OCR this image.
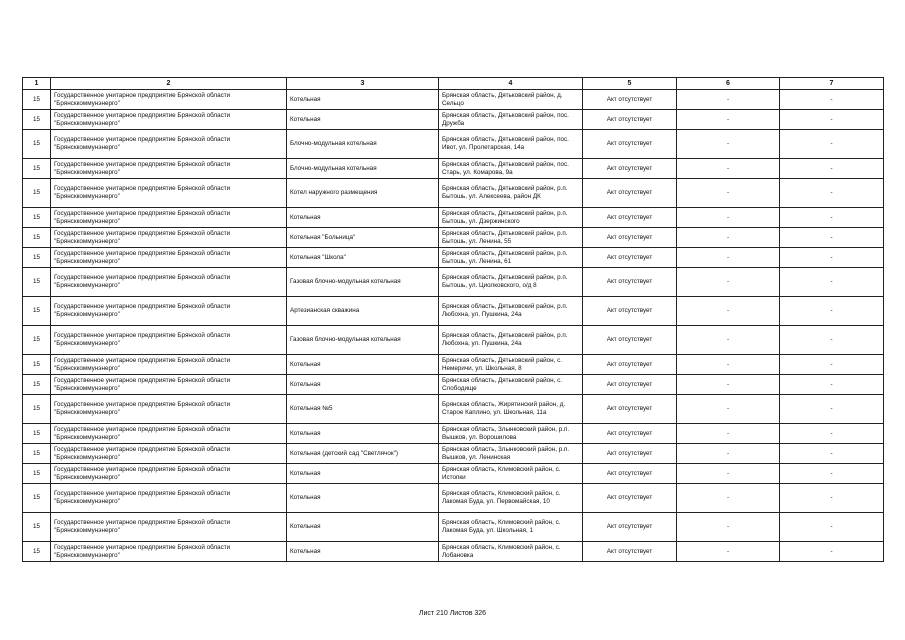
1	2	3	4	5	6	7
15	Государственное унитарное предприятие Брянской области "Брянсккоммунэнерго"	Котельная	Брянская область, Дятьковский район, д. Сельцо	Акт отсутствует	-	-
15	Государственное унитарное предприятие Брянской области "Брянсккоммунэнерго"	Котельная	Брянская область, Дятьковский район, пос. Дружба	Акт отсутствует	-	-
15	Государственное унитарное предприятие Брянской области "Брянсккоммунэнерго"	Блочно-модульная котельная	Брянская область, Дятьковский район, пос. Ивот, ул. Пролетарская, 14а	Акт отсутствует	-	-
15	Государственное унитарное предприятие Брянской области "Брянсккоммунэнерго"	Блочно-модульная котельная	Брянская область, Дятьковский район, пос. Старь, ул. Комарова, 9а	Акт отсутствует	-	-
15	Государственное унитарное предприятие Брянской области "Брянсккоммунэнерго"	Котел наружного размещения	Брянская область, Дятьковский район, р.п. Бытошь, ул. Алексеева, район ДК	Акт отсутствует	-	-
15	Государственное унитарное предприятие Брянской области "Брянсккоммунэнерго"	Котельная	Брянская область, Дятьковский район, р.п. Бытошь, ул. Дзержинского	Акт отсутствует	-	-
15	Государственное унитарное предприятие Брянской области "Брянсккоммунэнерго"	Котельная "Больница"	Брянская область, Дятьковский район, р.п. Бытошь, ул. Ленина, 55	Акт отсутствует	-	-
15	Государственное унитарное предприятие Брянской области "Брянсккоммунэнерго"	Котельная "Школа"	Брянская область, Дятьковский район, р.п. Бытошь, ул. Ленина, 61	Акт отсутствует	-	-
15	Государственное унитарное предприятие Брянской области "Брянсккоммунэнерго"	Газовая блочно-модульная котельная	Брянская область, Дятьковский район, р.п. Бытошь, ул. Циолковского, о/д 8	Акт отсутствует	-	-
15	Государственное унитарное предприятие Брянской области "Брянсккоммунэнерго"	Артезианская скважина	Брянская область, Дятьковский район, р.п. Любохна, ул. Пушкина, 24а	Акт отсутствует	-	-
15	Государственное унитарное предприятие Брянской области "Брянсккоммунэнерго"	Газовая блочно-модульная котельная	Брянская область, Дятьковский район, р.п. Любохна, ул. Пушкина, 24а	Акт отсутствует	-	-
15	Государственное унитарное предприятие Брянской области "Брянсккоммунэнерго"	Котельная	Брянская область, Дятьковский район, с. Немеричи, ул. Школьная, 8	Акт отсутствует	-	-
15	Государственное унитарное предприятие Брянской области "Брянсккоммунэнерго"	Котельная	Брянская область, Дятьковский район, с. Слободище	Акт отсутствует	-	-
15	Государственное унитарное предприятие Брянской области "Брянсккоммунэнерго"	Котельная №5	Брянская область, Жирятинский район, д. Старое Каплино, ул. Школьная, 11а	Акт отсутствует	-	-
15	Государственное унитарное предприятие Брянской области "Брянсккоммунэнерго"	Котельная	Брянская область, Злынковский район, р.п. Вышков, ул. Ворошилова	Акт отсутствует	-	-
15	Государственное унитарное предприятие Брянской области "Брянсккоммунэнерго"	Котельная (детский сад "Светлячок")	Брянская область, Злынковский район, р.п. Вышков, ул. Ленинская	Акт отсутствует	-	-
15	Государственное унитарное предприятие Брянской области "Брянсккоммунэнерго"	Котельная	Брянская область, Климовский район, с. Истопки	Акт отсутствует	-	-
15	Государственное унитарное предприятие Брянской области "Брянсккоммунэнерго"	Котельная	Брянская область, Климовский район, с. Лакомая Буда, ул. Первомайская, 10	Акт отсутствует	-	-
15	Государственное унитарное предприятие Брянской области "Брянсккоммунэнерго"	Котельная	Брянская область, Климовский район, с. Лакомая Буда, ул. Школьная, 1	Акт отсутствует	-	-
15	Государственное унитарное предприятие Брянской области "Брянсккоммунэнерго"	Котельная	Брянская область, Климовский район, с. Лобановка	Акт отсутствует	-	-
Лист 210 Листов 326
